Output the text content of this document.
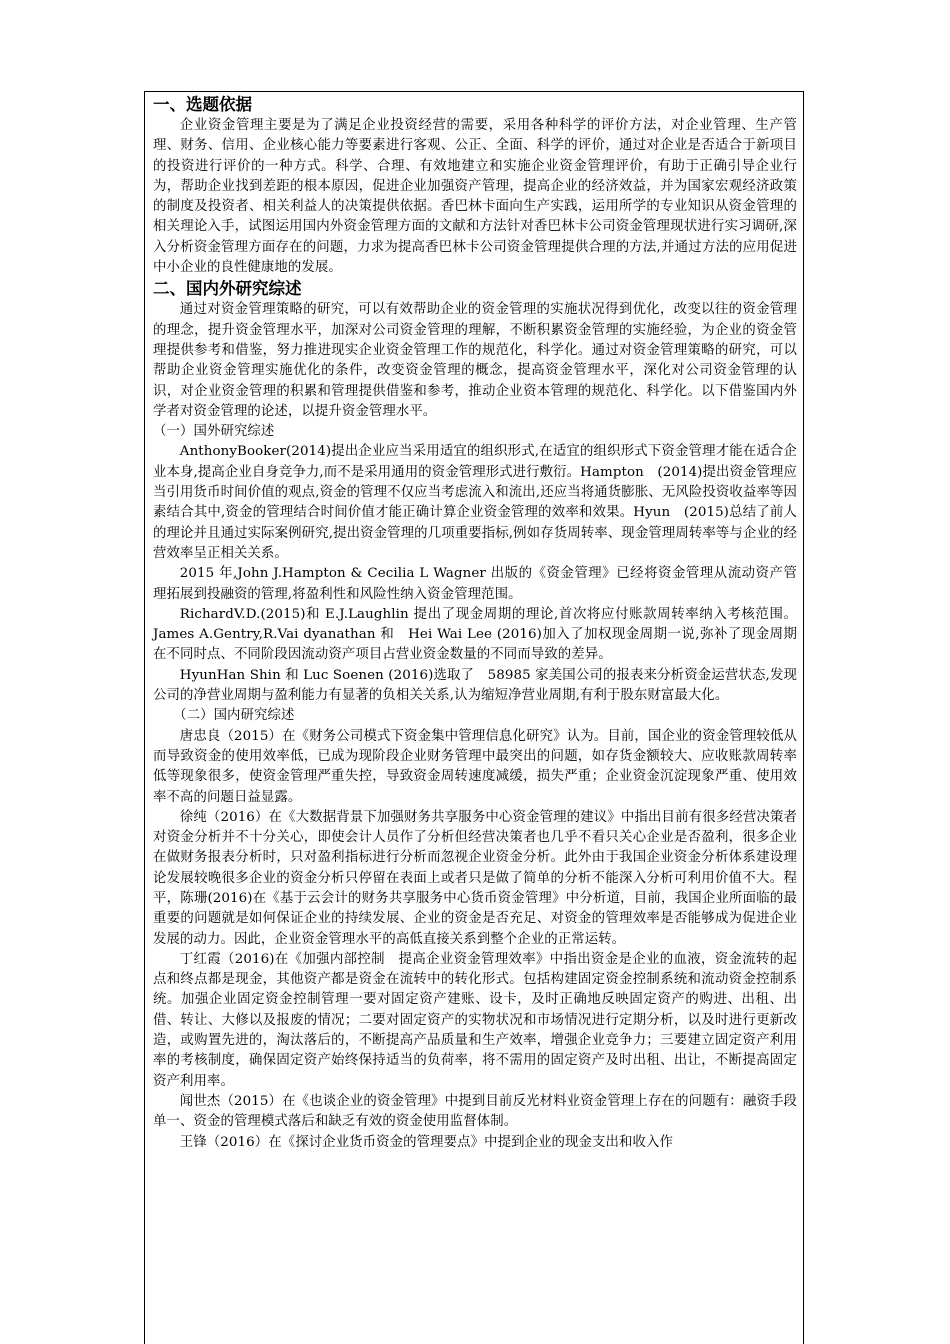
一、选题依据

企业资金管理主要是为了满足企业投资经营的需要，采用各种科学的评价方法，对企业管理、生产管理、财务、信用、企业核心能力等要素进行客观、公正、全面、科学的评价，通过对企业是否适合于新项目的投资进行评价的一种方式。科学、合理、有效地建立和实施企业资金管理评价，有助于正确引导企业行为，帮助企业找到差距的根本原因，促进企业加强资产管理，提高企业的经济效益，并为国家宏观经济政策的制度及投资者、相关利益人的决策提供依据。香巴林卡面向生产实践，运用所学的专业知识从资金管理的相关理论入手，试图运用国内外资金管理方面的文献和方法针对香巴林卡公司资金管理现状进行实习调研,深入分析资金管理方面存在的问题，力求为提高香巴林卡公司资金管理提供合理的方法,并通过方法的应用促进中小企业的良性健康地的发展。

二、国内外研究综述

通过对资金管理策略的研究，可以有效帮助企业的资金管理的实施状况得到优化，改变以往的资金管理的理念，提升资金管理水平，加深对公司资金管理的理解，不断积累资金管理的实施经验，为企业的资金管理提供参考和借鉴，努力推进现实企业资金管理工作的规范化，科学化。通过对资金管理策略的研究，可以帮助企业资金管理实施优化的条件，改变资金管理的概念，提高资金管理水平，深化对公司资金管理的认识，对企业资金管理的积累和管理提供借鉴和参考，推动企业资本管理的规范化、科学化。以下借鉴国内外学者对资金管理的论述，以提升资金管理水平。

（一）国外研究综述

AnthonyBooker(2014)提出企业应当采用适宜的组织形式,在适宜的组织形式下资金管理才能在适合企业本身,提高企业自身竞争力,而不是采用通用的资金管理形式进行敷衍。Hampton　(2014)提出资金管理应当引用货币时间价值的观点,资金的管理不仅应当考虑流入和流出,还应当将通货膨胀、无风险投资收益率等因素结合其中,资金的管理结合时间价值才能正确计算企业资金管理的效率和效果。Hyun　(2015)总结了前人的理论并且通过实际案例研究,提出资金管理的几项重要指标,例如存货周转率、现金管理周转率等与企业的经营效率呈正相关关系。

2015 年,John J.Hampton & Cecilia L Wagner 出版的《资金管理》已经将资金管理从流动资产管理拓展到投融资的管理,将盈利性和风险性纳入资金管理范围。

RichardV.D.(2015)和 E.J.Laughlin 提出了现金周期的理论,首次将应付账款周转率纳入考核范围。James A.Gentry,R.Vai dyanathan 和　Hei Wai Lee (2016)加入了加权现金周期一说,弥补了现金周期在不同时点、不同阶段因流动资产项目占营业资金数量的不同而导致的差异。

HyunHan Shin 和 Luc Soenen (2016)选取了　58985 家美国公司的报表来分析资金运营状态,发现公司的净营业周期与盈利能力有显著的负相关关系,认为缩短净营业周期,有利于股东财富最大化。

（二）国内研究综述

唐忠良（2015）在《财务公司模式下资金集中管理信息化研究》认为。目前，国企业的资金管理较低从而导致资金的使用效率低，已成为现阶段企业财务管理中最突出的问题，如存货金额较大、应收账款周转率低等现象很多，使资金管理严重失控，导致资金周转速度减缓，损失严重；企业资金沉淀现象严重、使用效率不高的问题日益显露。

徐纯（2016）在《大数据背景下加强财务共享服务中心资金管理的建议》中指出目前有很多经营决策者对资金分析并不十分关心，即使会计人员作了分析但经营决策者也几乎不看只关心企业是否盈利，很多企业在做财务报表分析时，只对盈利指标进行分析而忽视企业资金分析。此外由于我国企业资金分析体系建设理论发展较晚很多企业的资金分析只停留在表面上或者只是做了简单的分析不能深入分析可利用价值不大。程平，陈珊(2016)在《基于云会计的财务共享服务中心货币资金管理》中分析道，目前，我国企业所面临的最重要的问题就是如何保证企业的持续发展、企业的资金是否充足、对资金的管理效率是否能够成为促进企业发展的动力。因此，企业资金管理水平的高低直接关系到整个企业的正常运转。

丁红霞（2016)在《加强内部控制　提高企业资金管理效率》中指出资金是企业的血液，资金流转的起点和终点都是现金，其他资产都是资金在流转中的转化形式。包括构建固定资金控制系统和流动资金控制系统。加强企业固定资金控制管理一要对固定资产建账、设卡，及时正确地反映固定资产的购进、出租、出借、转让、大修以及报废的情况；二要对固定资产的实物状况和市场情况进行定期分析，以及时进行更新改造，或购置先进的，淘汰落后的，不断提高产品质量和生产效率，增强企业竞争力；三要建立固定资产利用率的考核制度，确保固定资产始终保持适当的负荷率，将不需用的固定资产及时出租、出让，不断提高固定资产利用率。

闻世杰（2015）在《也谈企业的资金管理》中提到目前反光材料业资金管理上存在的问题有：融资手段单一、资金的管理模式落后和缺乏有效的资金使用监督体制。

王锋（2016）在《探讨企业货币资金的管理要点》中提到企业的现金支出和收入作
